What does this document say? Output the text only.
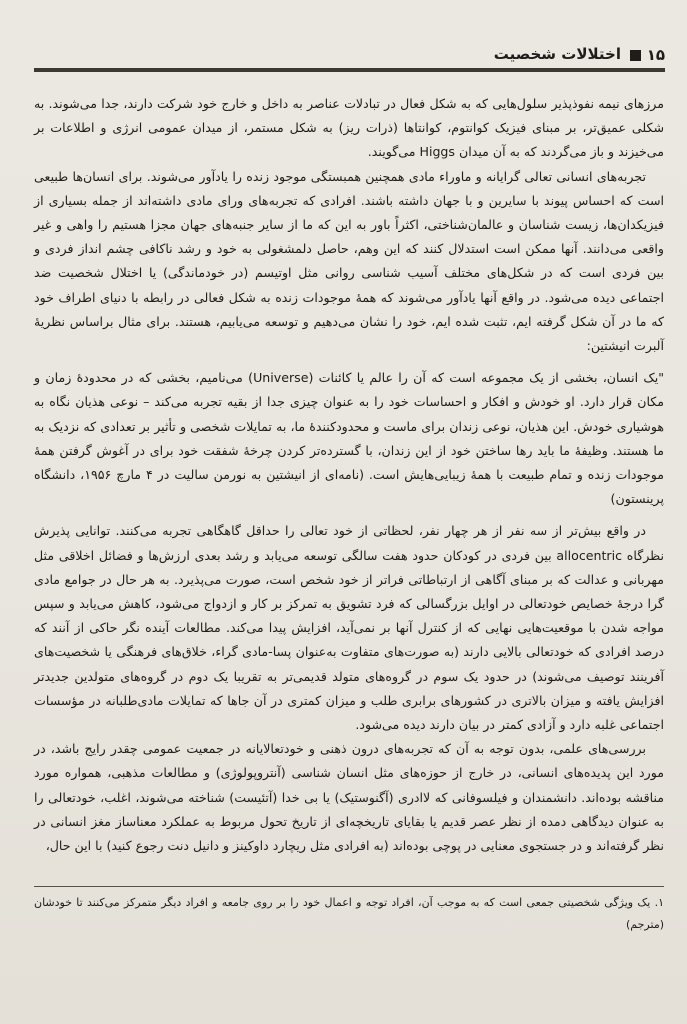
۱۵
اختلالات شخصیت

مرزهای نیمه نفوذپذیر سلول‌هایی که به شکل فعال در تبادلات عناصر به داخل و خارج خود شرکت دارند، جدا می‌شوند. به شکلی عمیق‌تر، بر مبنای فیزیک کوانتوم، کوانتاها (ذرات ریز) به شکل مستمر، از میدان عمومی انرژی و اطلاعات بر می‌خیزند و باز می‌گردند که به آن میدان Higgs می‌گویند.

تجربه‌های انسانی تعالی گرایانه و ماوراء مادی همچنین همبستگی موجود زنده را یادآور می‌شوند. برای انسان‌ها طبیعی است که احساس پیوند با سایرین و با جهان داشته باشند. افرادی که تجربه‌های ورای مادی داشته‌اند از جمله بسیاری از فیزیکدان‌ها، زیست شناسان و عالمان‌شناختی، اکثراً باور به این که ما از سایر جنبه‌های جهان مجزا هستیم را واهی و غیر واقعی می‌دانند. آنها ممکن است استدلال کنند که این وهم، حاصل دلمشغولی به خود و رشد ناکافی چشم انداز فردی و بین فردی است که در شکل‌های مختلف آسیب شناسی روانی مثل اوتیسم (در خودماندگی) یا اختلال شخصیت ضد اجتماعی دیده می‌شود. در واقع آنها یادآور می‌شوند که همهٔ موجودات زنده به شکل فعالی در رابطه با دنیای اطراف خود که ما در آن شکل گرفته ایم، تثبت شده ایم، خود را نشان می‌دهیم و توسعه می‌یابیم، هستند. برای مثال براساس نظریهٔ آلبرت انیشتین:

"یک انسان، بخشی از یک مجموعه است که آن را عالم یا کائنات (Universe) می‌نامیم، بخشی که در محدودهٔ زمان و مکان قرار دارد. او خودش و افکار و احساسات خود را به عنوان چیزی جدا از بقیه تجربه می‌کند – نوعی هذیان نگاه به هوشیاری خودش. این هذیان، نوعی زندان برای ماست و محدودکنندهٔ ما، به تمایلات شخصی و تأثیر بر تعدادی که نزدیک به ما هستند. وظیفهٔ ما باید رها ساختن خود از این زندان، با گسترده‌تر کردن چرخهٔ شفقت خود برای در آغوش گرفتن همهٔ موجودات زنده و تمام طبیعت با همهٔ زیبایی‌هایش است. (نامه‌ای از انیشتین به نورمن سالیت در ۴ مارچ ۱۹۵۶، دانشگاه پرینستون)

در واقع بیش‌تر از سه نفر از هر چهار نفر، لحظاتی از خود تعالی را حداقل گاهگاهی تجربه می‌کنند. توانایی پذیرش نظرگاه allocentric بین فردی در کودکان حدود هفت سالگی توسعه می‌یابد و رشد بعدی ارزش‌ها و فضائل اخلاقی مثل مهربانی و عدالت که بر مبنای آگاهی از ارتباطاتی فراتر از خود شخص است، صورت می‌پذیرد. به هر حال در جوامع مادی گرا درجهٔ خصایص خودتعالی در اوایل بزرگسالی که فرد تشویق به تمرکز بر کار و ازدواج می‌شود، کاهش می‌یابد و سپس مواجه شدن با موقعیت‌هایی نهایی که از کنترل آنها بر نمی‌آید، افزایش پیدا می‌کند. مطالعات آینده نگر حاکی از آنند که درصد افرادی که خودتعالی بالایی دارند (به صورت‌های متفاوت به‌عنوان پسا-مادی گراء، خلاق‌های فرهنگی یا شخصیت‌های آفرینند توصیف می‌شوند) در حدود یک سوم در گروه‌های متولد قدیمی‌تر به تقریبا یک دوم در گروه‌های متولدین جدیدتر افزایش یافته و میزان بالاتری در کشورهای برابری طلب و میزان کمتری در آن جاها که تمایلات مادی‌طلبانه در مؤسسات اجتماعی غلبه دارد و آزادی کمتر در بیان دارند دیده می‌شود.

بررسی‌های علمی، بدون توجه به آن که تجربه‌های درون ذهنی و خودتعالایانه در جمعیت عمومی چقدر رایج باشد، در مورد این پدیده‌های انسانی، در خارج از حوزه‌های مثل انسان شناسی (آنتروپولوژی) و مطالعات مذهبی، همواره مورد مناقشه بوده‌اند. دانشمندان و فیلسوفانی که لاادری (آگنوستیک) یا بی خدا (آتئیست) شناخته می‌شوند، اغلب، خودتعالی را به عنوان دیدگاهی دمده از نظر عصر قدیم یا بقایای تاریخچه‌ای از تاریخ تحول مربوط به عملکرد معناساز مغز انسانی در نظر گرفته‌اند و در جستجوی معنایی در پوچی بوده‌اند (به افرادی مثل ریچارد داوکینز و دانیل دنت رجوع کنید) با این حال،

۱. یک ویژگی شخصیتی جمعی است که به موجب آن، افراد توجه و اعمال خود را بر روی جامعه و افراد دیگر متمرکز می‌کنند تا خودشان (مترجم)
